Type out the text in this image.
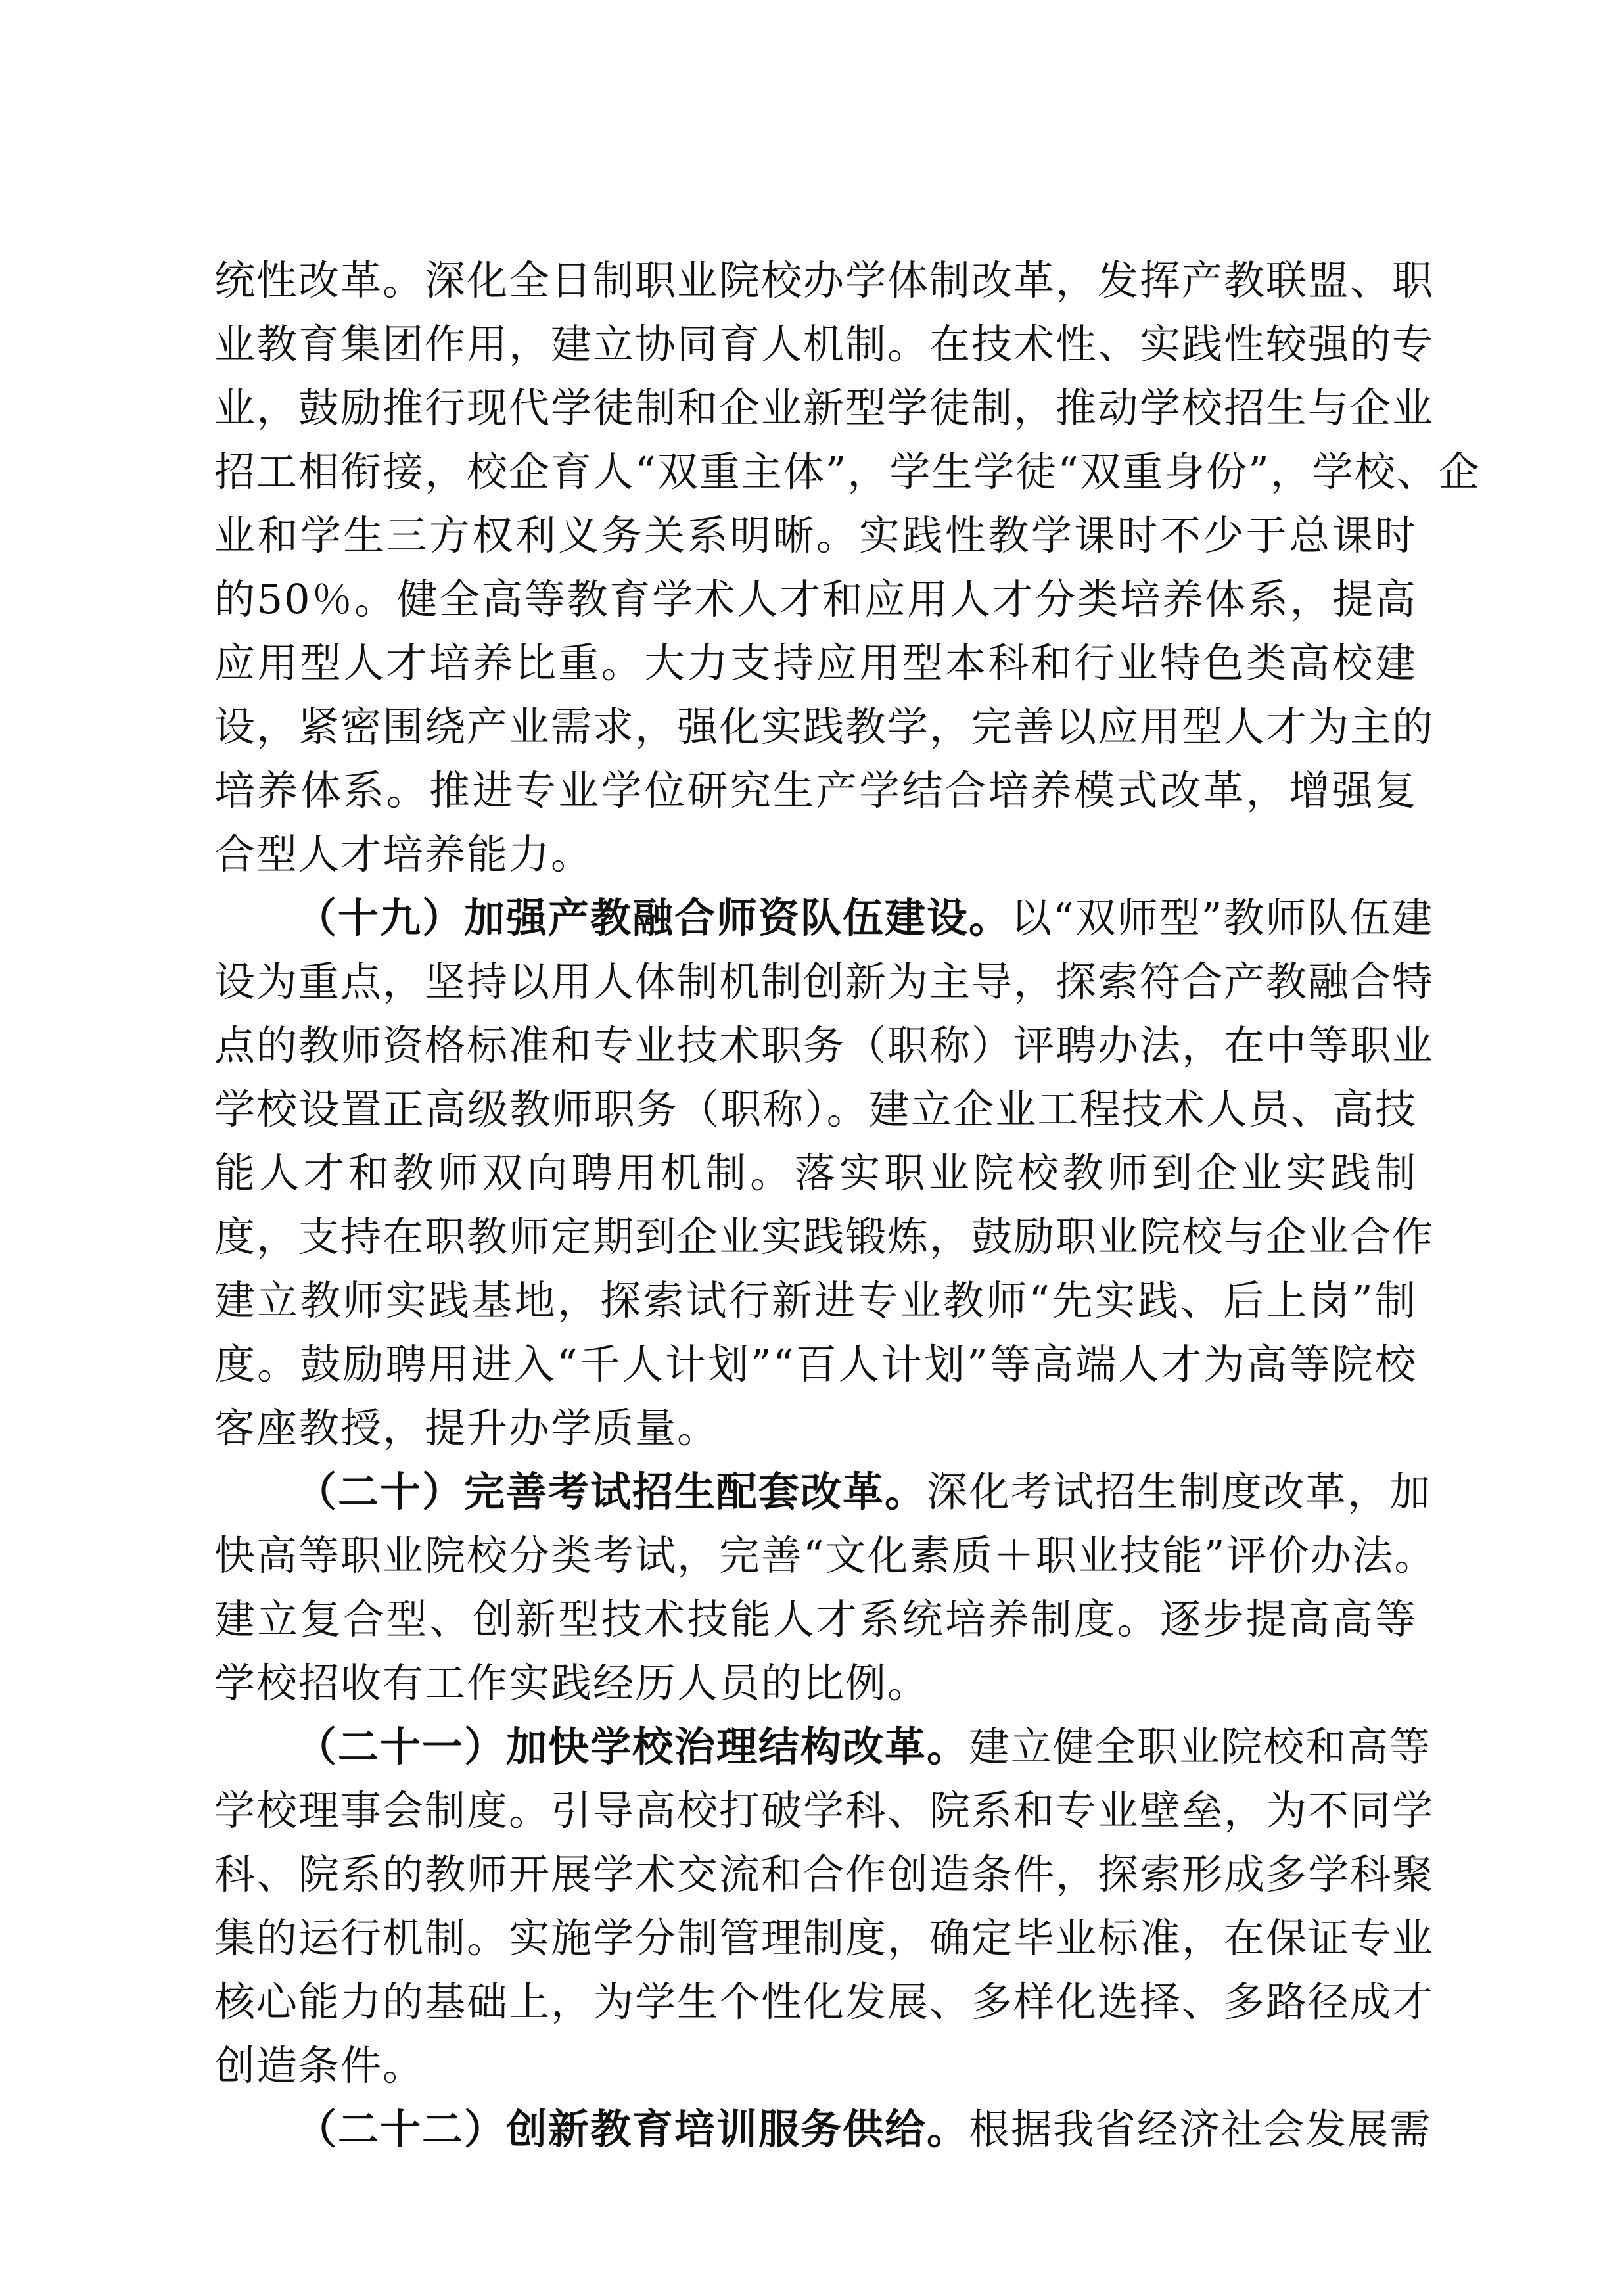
统性改革。深化全日制职业院校办学体制改革，发挥产教联盟、职
业教育集团作用，建立协同育人机制。在技术性、实践性较强的专
业，鼓励推行现代学徒制和企业新型学徒制，推动学校招生与企业
招工相衔接，校企育人“双重主体”，学生学徒“双重身份”，学校、企
业和学生三方权利义务关系明晰。实践性教学课时不少于总课时
的50％。健全高等教育学术人才和应用人才分类培养体系，提高
应用型人才培养比重。大力支持应用型本科和行业特色类高校建
设，紧密围绕产业需求，强化实践教学，完善以应用型人才为主的
培养体系。推进专业学位研究生产学结合培养模式改革，增强复
合型人才培养能力。
（十九）加强产教融合师资队伍建设。以“双师型”教师队伍建
设为重点，坚持以用人体制机制创新为主导，探索符合产教融合特
点的教师资格标准和专业技术职务（职称）评聘办法，在中等职业
学校设置正高级教师职务（职称）。建立企业工程技术人员、高技
能人才和教师双向聘用机制。落实职业院校教师到企业实践制
度，支持在职教师定期到企业实践锻炼，鼓励职业院校与企业合作
建立教师实践基地，探索试行新进专业教师“先实践、后上岗”制
度。鼓励聘用进入“千人计划”“百人计划”等高端人才为高等院校
客座教授，提升办学质量。
（二十）完善考试招生配套改革。深化考试招生制度改革，加
快高等职业院校分类考试，完善“文化素质＋职业技能”评价办法。
建立复合型、创新型技术技能人才系统培养制度。逐步提高高等
学校招收有工作实践经历人员的比例。
（二十一）加快学校治理结构改革。建立健全职业院校和高等
学校理事会制度。引导高校打破学科、院系和专业壁垒，为不同学
科、院系的教师开展学术交流和合作创造条件，探索形成多学科聚
集的运行机制。实施学分制管理制度，确定毕业标准，在保证专业
核心能力的基础上，为学生个性化发展、多样化选择、多路径成才
创造条件。
（二十二）创新教育培训服务供给。根据我省经济社会发展需
